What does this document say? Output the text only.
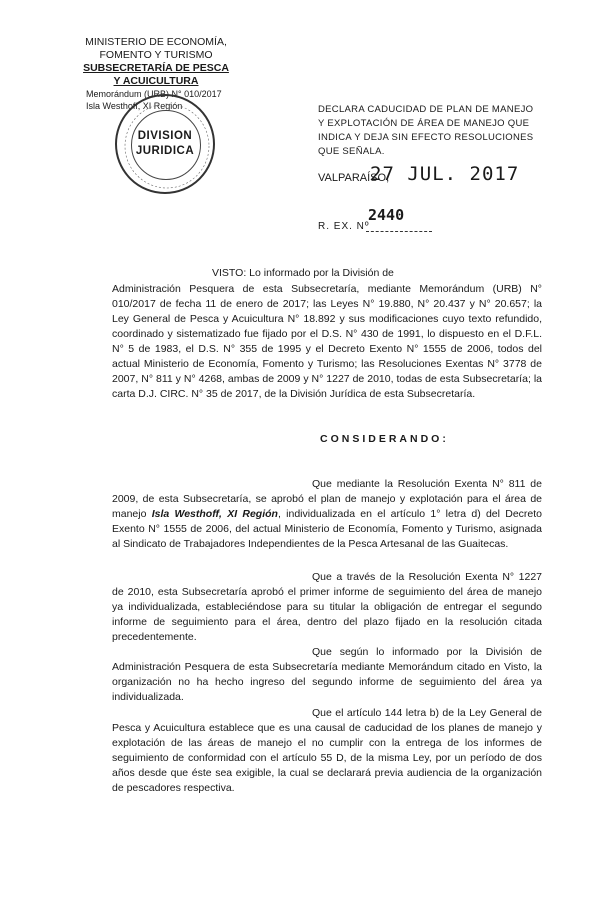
MINISTERIO DE ECONOMÍA,
FOMENTO Y TURISMO
SUBSECRETARÍA DE PESCA Y ACUICULTURA
Memorándum (URB) N° 010/2017
Isla Westhoff, XI Región
DIVISION
JURIDICA
DECLARA CADUCIDAD DE PLAN DE MANEJO Y EXPLOTACIÓN DE ÁREA DE MANEJO QUE INDICA Y DEJA SIN EFECTO RESOLUCIONES QUE SEÑALA.
VALPARAÍSO,
27 JUL. 2017
2440
R. EX. Nº
VISTO: Lo informado por la División de
Administración Pesquera de esta Subsecretaría, mediante Memorándum (URB) N° 010/2017 de fecha 11 de enero de 2017; las Leyes N° 19.880, N° 20.437 y N° 20.657; la Ley General de Pesca y Acuicultura N° 18.892 y sus modificaciones cuyo texto refundido, coordinado y sistematizado fue fijado por el D.S. N° 430 de 1991, lo dispuesto en el D.F.L. N° 5 de 1983, el D.S. N° 355 de 1995 y el Decreto Exento N° 1555 de 2006, todos del actual Ministerio de Economía, Fomento y Turismo; las Resoluciones Exentas N° 3778 de 2007, N° 811 y N° 4268, ambas de 2009 y N° 1227 de 2010, todas de esta Subsecretaría; la carta D.J. CIRC. N° 35 de 2017, de la División Jurídica de esta Subsecretaría.
CONSIDERANDO:
Que mediante la Resolución Exenta N° 811 de 2009, de esta Subsecretaría, se aprobó el plan de manejo y explotación para el área de manejo Isla Westhoff, XI Región, individualizada en el artículo 1° letra d) del Decreto Exento N° 1555 de 2006, del actual Ministerio de Economía, Fomento y Turismo, asignada al Sindicato de Trabajadores Independientes de la Pesca Artesanal de las Guaitecas.
Que a través de la Resolución Exenta N° 1227 de 2010, esta Subsecretaría aprobó el primer informe de seguimiento del área de manejo ya individualizada, estableciéndose para su titular la obligación de entregar el segundo informe de seguimiento para el área, dentro del plazo fijado en la resolución citada precedentemente.
Que según lo informado por la División de Administración Pesquera de esta Subsecretaría mediante Memorándum citado en Visto, la organización no ha hecho ingreso del segundo informe de seguimiento del área ya individualizada.
Que el artículo 144 letra b) de la Ley General de Pesca y Acuicultura establece que es una causal de caducidad de los planes de manejo y explotación de las áreas de manejo el no cumplir con la entrega de los informes de seguimiento de conformidad con el artículo 55 D, de la misma Ley, por un período de dos años desde que éste sea exigible, la cual se declarará previa audiencia de la organización de pescadores respectiva.
